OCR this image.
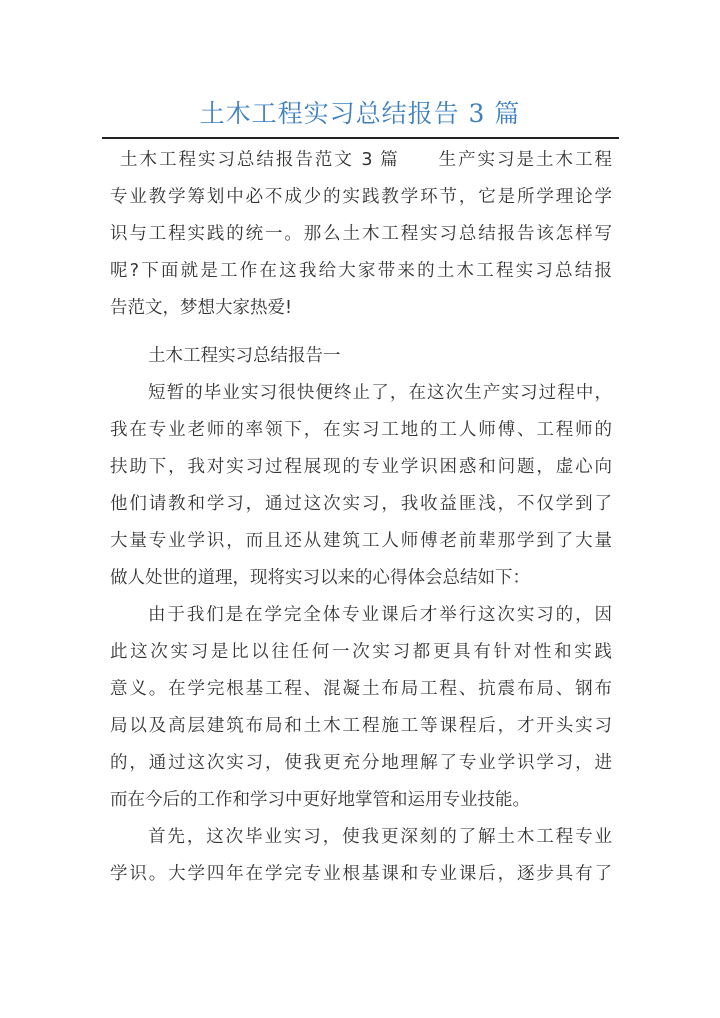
土木工程实习总结报告 3 篇
土木工程实习总结报告范文 3 篇　　生产实习是土木工程
专业教学筹划中必不成少的实践教学环节，它是所学理论学
识与工程实践的统一。那么土木工程实习总结报告该怎样写
呢?下面就是工作在这我给大家带来的土木工程实习总结报
告范文，梦想大家热爱!
土木工程实习总结报告一
短暂的毕业实习很快便终止了，在这次生产实习过程中，
我在专业老师的率领下，在实习工地的工人师傅、工程师的
扶助下，我对实习过程展现的专业学识困惑和问题，虚心向
他们请教和学习，通过这次实习，我收益匪浅，不仅学到了
大量专业学识，而且还从建筑工人师傅老前辈那学到了大量
做人处世的道理，现将实习以来的心得体会总结如下：
由于我们是在学完全体专业课后才举行这次实习的，因
此这次实习是比以往任何一次实习都更具有针对性和实践
意义。在学完根基工程、混凝土布局工程、抗震布局、钢布
局以及高层建筑布局和土木工程施工等课程后，才开头实习
的，通过这次实习，使我更充分地理解了专业学识学习，进
而在今后的工作和学习中更好地掌管和运用专业技能。
首先，这次毕业实习，使我更深刻的了解土木工程专业
学识。大学四年在学完专业根基课和专业课后，逐步具有了
